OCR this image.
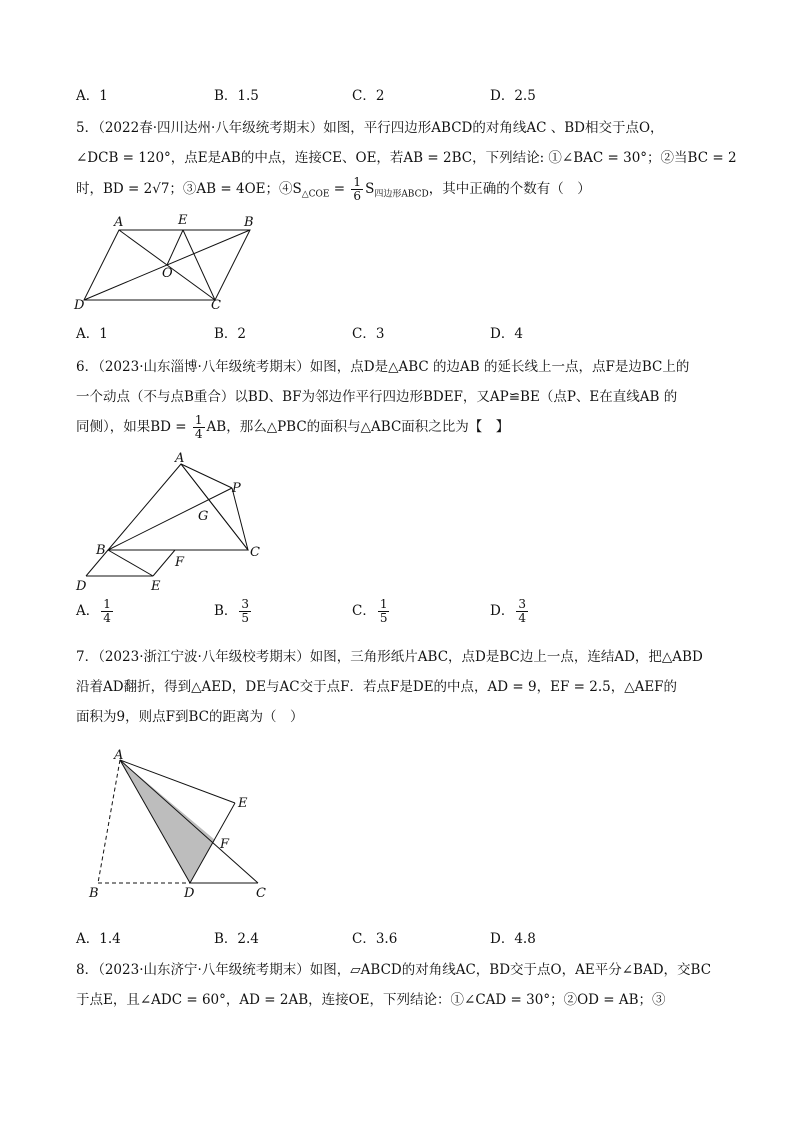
A．1	B．1.5	C．2	D．2.5
5．（2022春·四川达州·八年级统考期末）如图，平行四边形ABCD的对角线AC 、BD相交于点O，
∠DCB = 120°，点E是AB的中点，连接CE、OE，若AB = 2BC，下列结论: ①∠BAC = 30°；②当BC = 2
时，BD = 2√7；③AB = 4OE；$④S_{\triangle COE} = \frac{1}{6} S_{四边形ABCD}$，其中正确的个数有（　）
A	E	B
O
D	C
A．1	B．2	C．3	D．4
6．（2023·山东淄博·八年级统考期末）如图，点D是△ABC 的边AB 的延长线上一点，点F是边BC上的
一个动点（不与点B重合）以BD、BF为邻边作平行四边形BDEF，又AP≌BE（点P、E在直线AB 的
同侧），如果BD = $\frac{1}{4}$ AB，那么△PBC的面积与△ABC面积之比为【　】
A
P
G
B	C
D	E
F
A． $\frac{1}{4}$	B． $\frac{3}{5}$	C． $\frac{1}{5}$	D． $\frac{3}{4}$
7．（2023·浙江宁波·八年级校考期末）如图，三角形纸片ABC，点D是BC边上一点，连结AD，把△ABD
沿着AD翻折，得到△AED，DE与AC交于点F．若点F是DE的中点，AD = 9，EF = 2.5，△AEF的
面积为9，则点F到BC的距离为（　）
A
E
F
B	D	C
A．1.4	B．2.4	C．3.6	D．4.8
8．（2023·山东济宁·八年级统考期末）如图，▱ABCD的对角线AC，BD交于点O，AE平分∠BAD，交BC
于点E，且∠ADC = 60°，AD = 2AB，连接OE，下列结论：①∠CAD = 30°；②OD = AB；③
